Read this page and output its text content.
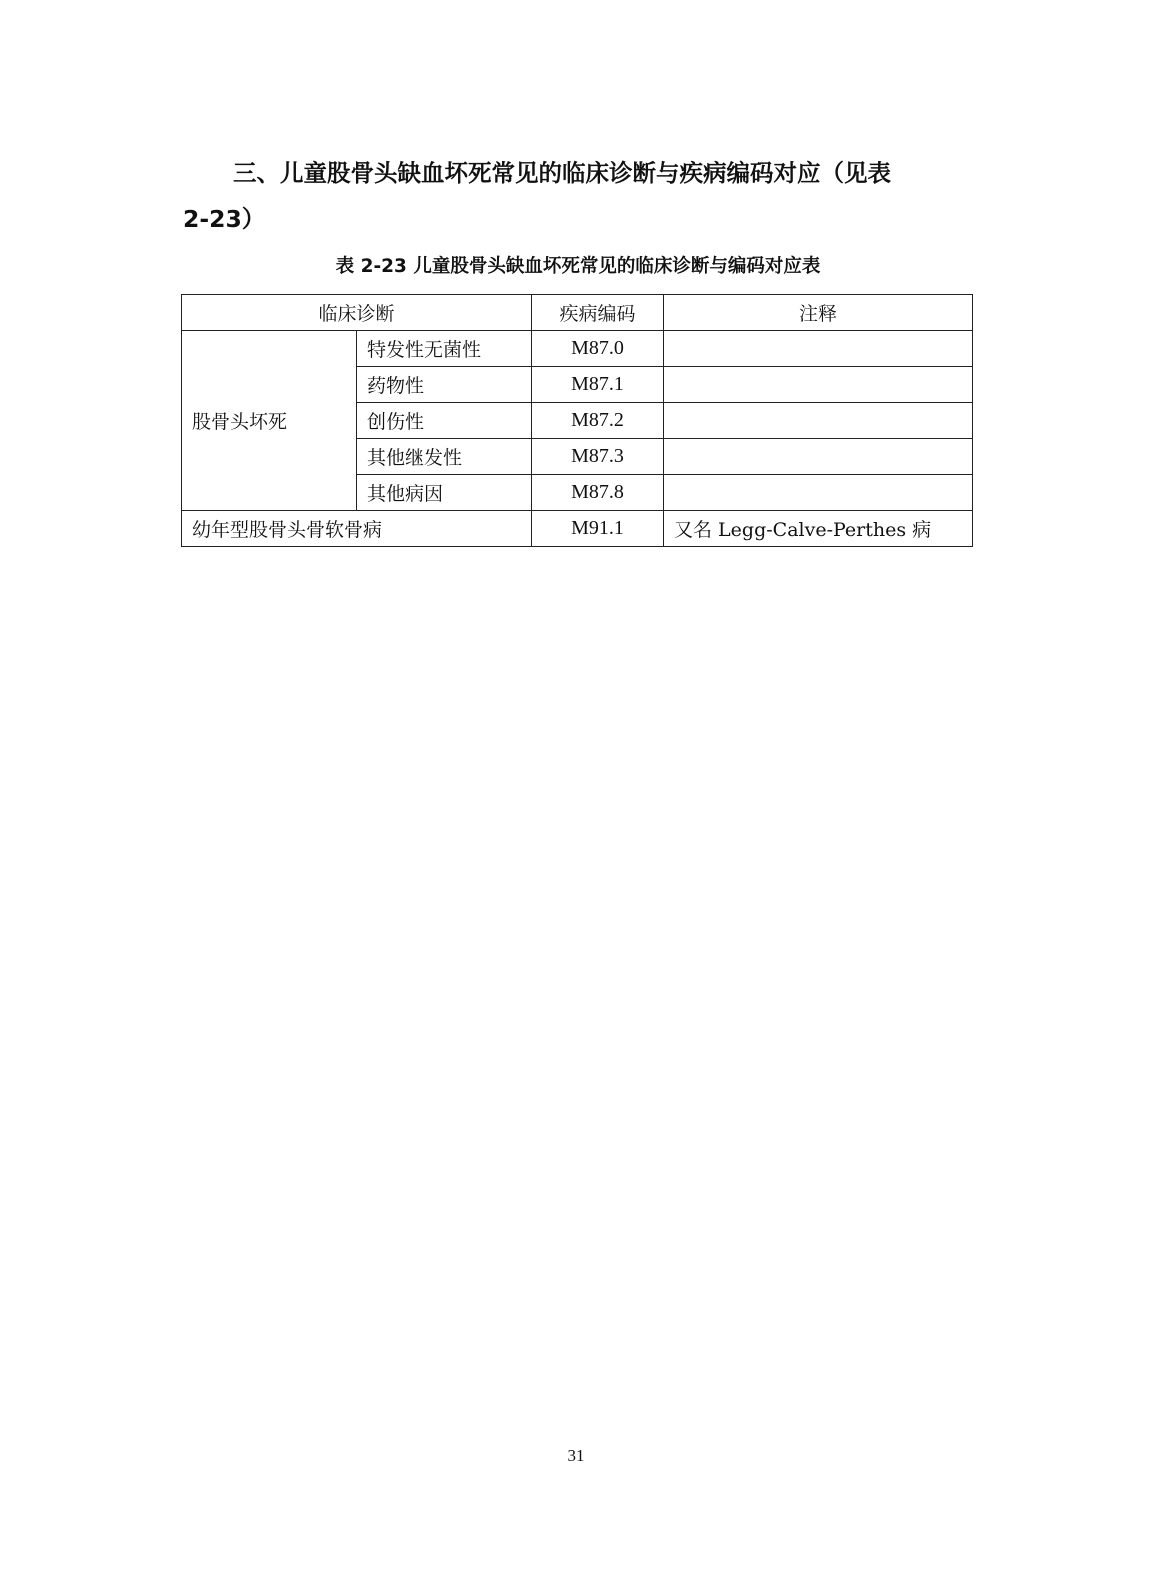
三、儿童股骨头缺血坏死常见的临床诊断与疾病编码对应（见表
2-23）
表 2-23 儿童股骨头缺血坏死常见的临床诊断与编码对应表
临床诊断		疾病编码	注释
股骨头坏死	特发性无菌性	M87.0	
	药物性	M87.1	
	创伤性	M87.2	
	其他继发性	M87.3	
	其他病因	M87.8	
幼年型股骨头骨软骨病		M91.1	又名 Legg-Calve-Perthes 病
31
